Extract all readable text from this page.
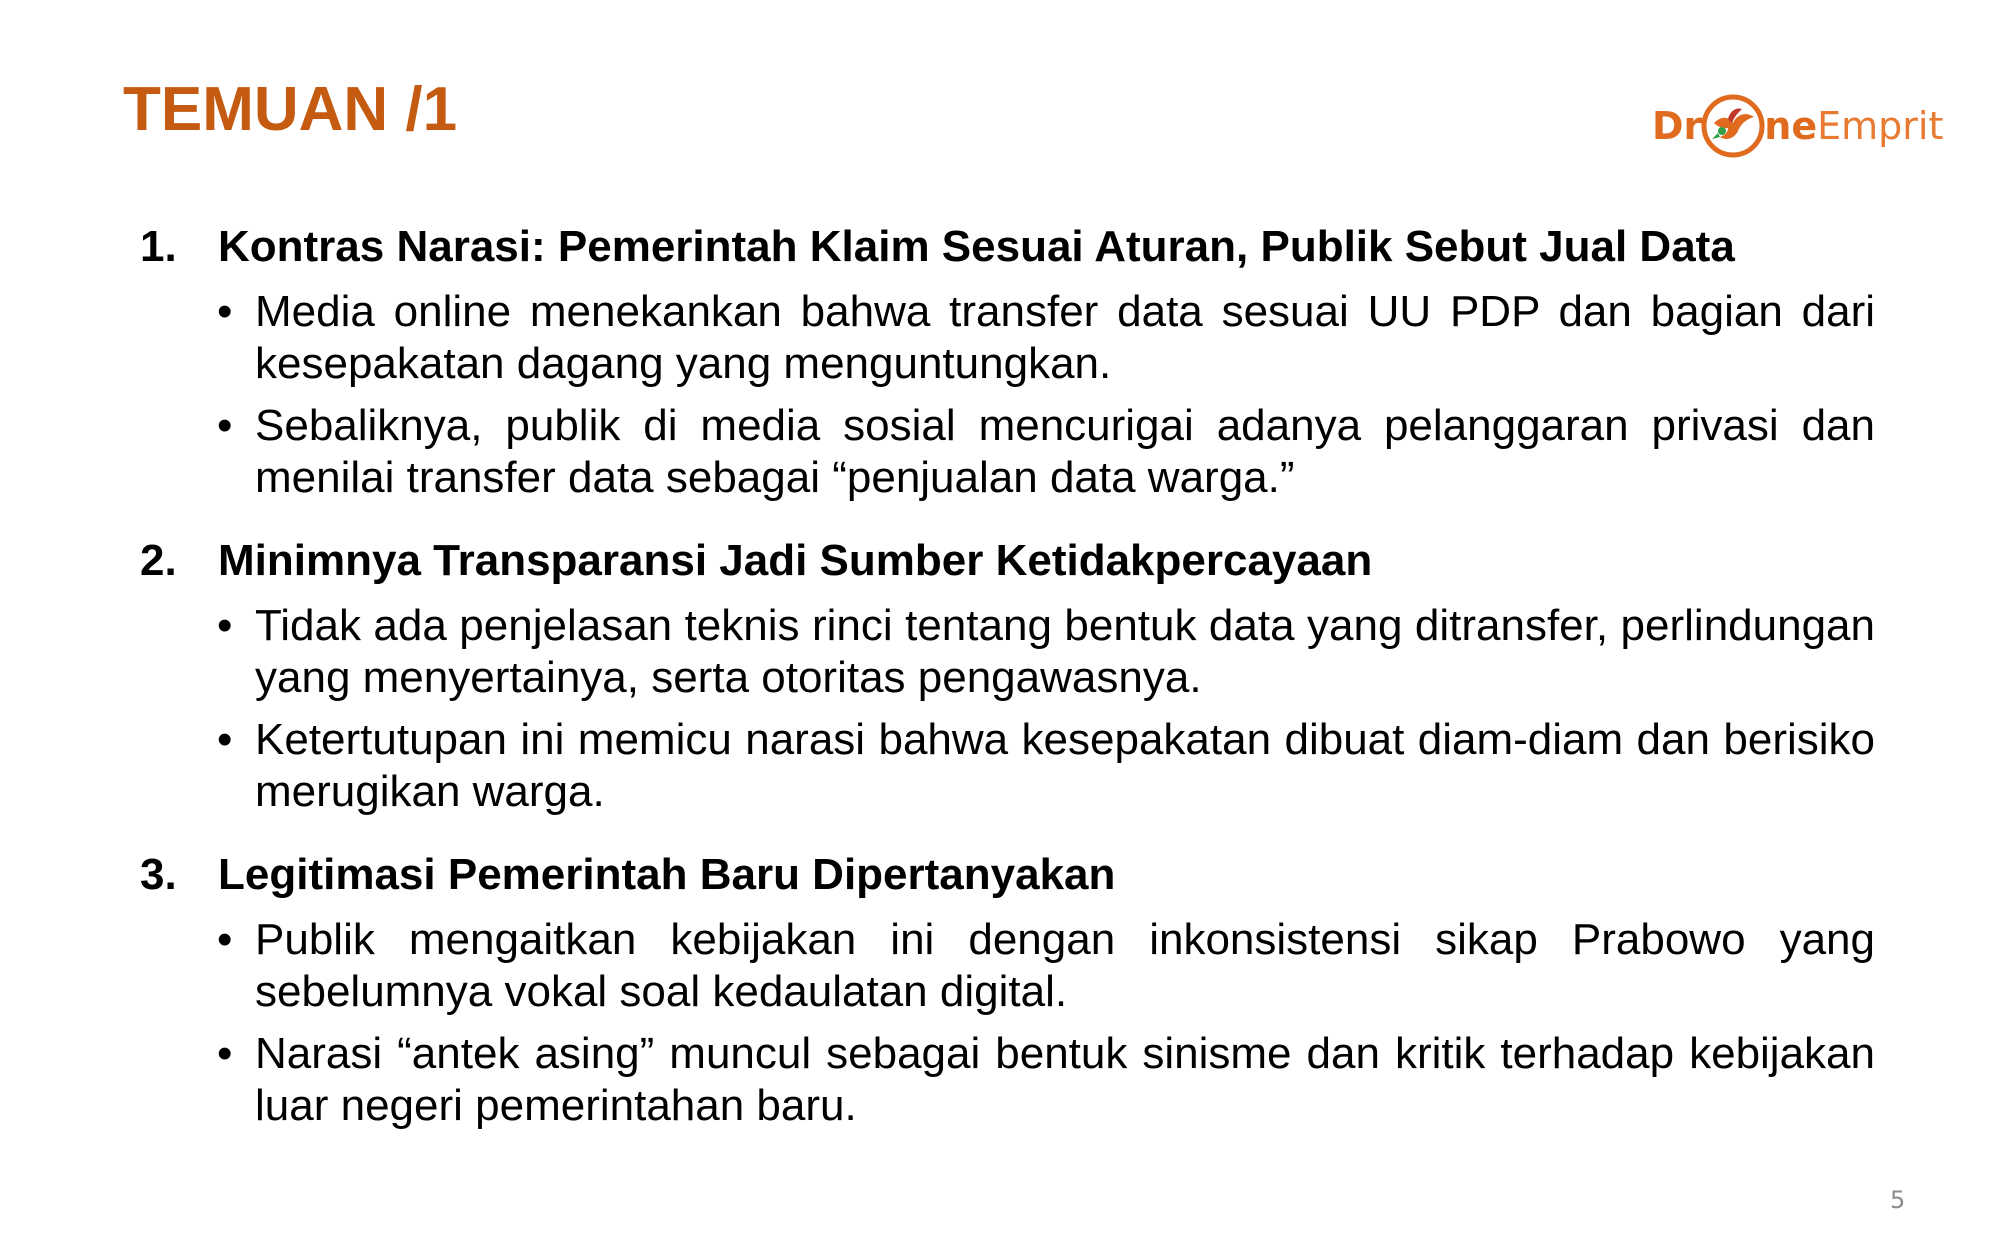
TEMUAN /1	Dr ne Emprit
1. Kontras Narasi: Pemerintah Klaim Sesuai Aturan, Publik Sebut Jual Data
• Media online menekankan bahwa transfer data sesuai UU PDP dan bagian dari kesepakatan dagang yang menguntungkan.
• Sebaliknya, publik di media sosial mencurigai adanya pelanggaran privasi dan menilai transfer data sebagai “penjualan data warga.”
2. Minimnya Transparansi Jadi Sumber Ketidakpercayaan
• Tidak ada penjelasan teknis rinci tentang bentuk data yang ditransfer, perlindungan yang menyertainya, serta otoritas pengawasnya.
• Ketertutupan ini memicu narasi bahwa kesepakatan dibuat diam-diam dan berisiko merugikan warga.
3. Legitimasi Pemerintah Baru Dipertanyakan
• Publik mengaitkan kebijakan ini dengan inkonsistensi sikap Prabowo yang sebelumnya vokal soal kedaulatan digital.
• Narasi “antek asing” muncul sebagai bentuk sinisme dan kritik terhadap kebijakan luar negeri pemerintahan baru.
5
